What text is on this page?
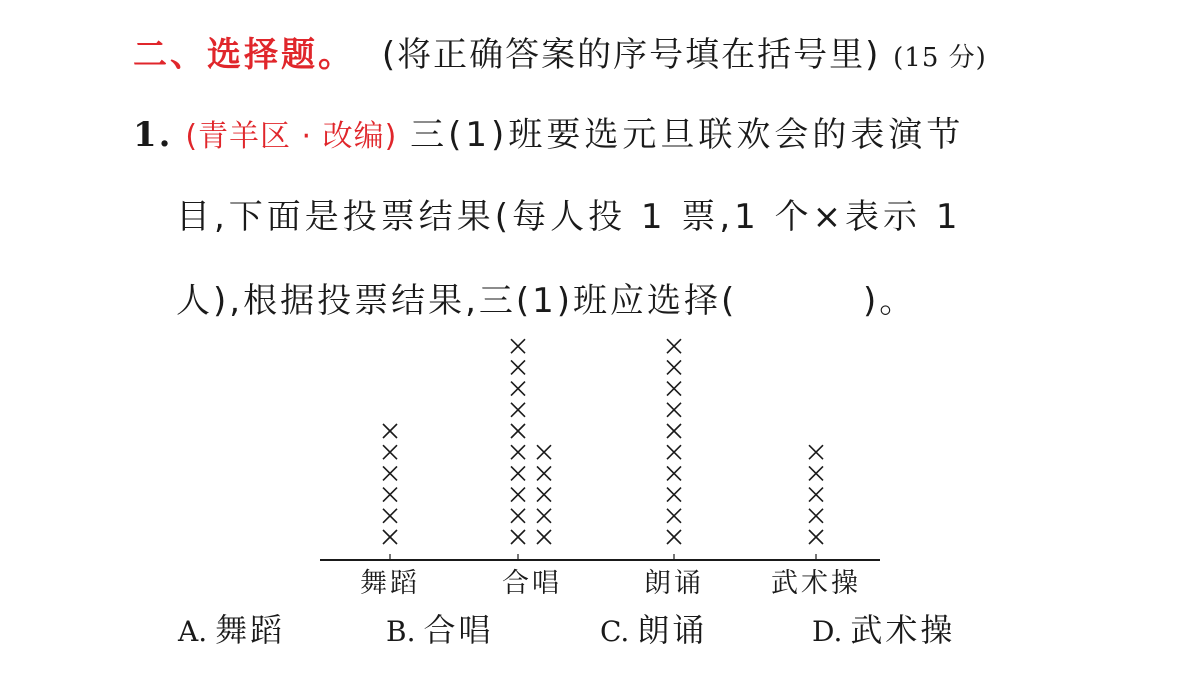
二、选择题。 (将正确答案的序号填在括号里) (15 分)
1. (青羊区 · 改编) 三(1)班要选元旦联欢会的表演节
目,下面是投票结果(每人投 1 票,1 个×表示 1
人),根据投票结果,三(1)班应选择(	)。
舞蹈	合唱	朗诵 武术操
A. 舞蹈	B. 合唱	C. 朗诵	D. 武术操
